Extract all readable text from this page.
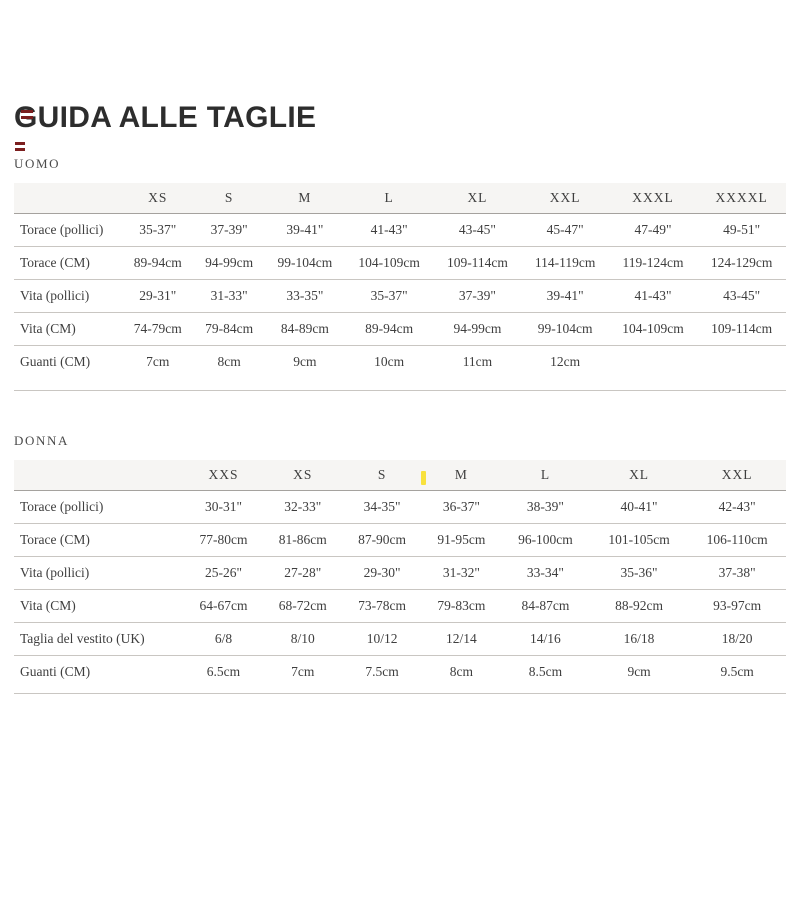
GUIDA ALLE TAGLIE
UOMO
	XS	S	M	L	XL	XXL	XXXL	XXXXL
Torace (pollici)	35-37"	37-39"	39-41"	41-43"	43-45"	45-47"	47-49"	49-51"
Torace (CM)	89-94cm	94-99cm	99-104cm	104-109cm	109-114cm	114-119cm	119-124cm	124-129cm
Vita (pollici)	29-31"	31-33"	33-35"	35-37"	37-39"	39-41"	41-43"	43-45"
Vita (CM)	74-79cm	79-84cm	84-89cm	89-94cm	94-99cm	99-104cm	104-109cm	109-114cm
Guanti (CM)	7cm	8cm	9cm	10cm	11cm	12cm		
DONNA
	XXS	XS	S	M	L	XL	XXL
Torace (pollici)	30-31"	32-33"	34-35"	36-37"	38-39"	40-41"	42-43"
Torace (CM)	77-80cm	81-86cm	87-90cm	91-95cm	96-100cm	101-105cm	106-110cm
Vita (pollici)	25-26"	27-28"	29-30"	31-32"	33-34"	35-36"	37-38"
Vita (CM)	64-67cm	68-72cm	73-78cm	79-83cm	84-87cm	88-92cm	93-97cm
Taglia del vestito (UK)	6/8	8/10	10/12	12/14	14/16	16/18	18/20
Guanti (CM)	6.5cm	7cm	7.5cm	8cm	8.5cm	9cm	9.5cm
